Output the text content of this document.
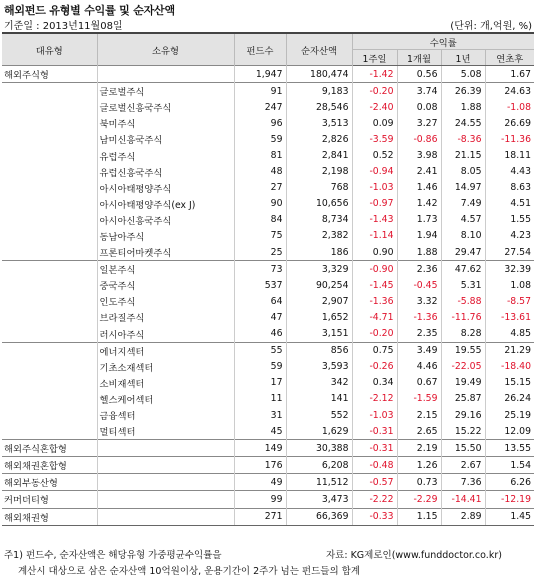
해외펀드 유형별 수익률 및 순자산액
기준일 : 2013년11월08일	(단위: 개,억원, %)
대유형	소유형	펀드수	순자산액	수익률			
				1주일	1개월	1년	연초후
해외주식형		1,947	180,474	-1.42	0.56	5.08	1.67
	글로벌주식	91	9,183	-0.20	3.74	26.39	24.63
	글로벌신흥국주식	247	28,546	-2.40	0.08	1.88	-1.08
	북미주식	96	3,513	0.09	3.27	24.55	26.69
	남미신흥국주식	59	2,826	-3.59	-0.86	-8.36	-11.36
	유럽주식	81	2,841	0.52	3.98	21.15	18.11
	유럽신흥국주식	48	2,198	-0.94	2.41	8.05	4.43
	아시아태평양주식	27	768	-1.03	1.46	14.97	8.63
	아시아태평양주식(ex J)	90	10,656	-0.97	1.42	7.49	4.51
	아시아신흥국주식	84	8,734	-1.43	1.73	4.57	1.55
	동남아주식	75	2,382	-1.14	1.94	8.10	4.23
	프론티어마켓주식	25	186	0.90	1.88	29.47	27.54
	일본주식	73	3,329	-0.90	2.36	47.62	32.39
	중국주식	537	90,254	-1.45	-0.45	5.31	1.08
	인도주식	64	2,907	-1.36	3.32	-5.88	-8.57
	브라질주식	47	1,652	-4.71	-1.36	-11.76	-13.61
	러시아주식	46	3,151	-0.20	2.35	8.28	4.85
	에너지섹터	55	856	0.75	3.49	19.55	21.29
	기초소재섹터	59	3,593	-0.26	4.46	-22.05	-18.40
	소비재섹터	17	342	0.34	0.67	19.49	15.15
	헬스케어섹터	11	141	-2.12	-1.59	25.87	26.24
	금융섹터	31	552	-1.03	2.15	29.16	25.19
	멀티섹터	45	1,629	-0.31	2.65	15.22	12.09
해외주식혼합형		149	30,388	-0.31	2.19	15.50	13.55
해외채권혼합형		176	6,208	-0.48	1.26	2.67	1.54
해외부동산형		49	11,512	-0.57	0.73	7.36	6.26
커머더티형		99	3,473	-2.22	-2.29	-14.41	-12.19
해외채권형		271	66,369	-0.33	1.15	2.89	1.45
주1) 펀드수, 순자산액은 해당유형 가중평균수익률을	자료: KG제로인(www.funddoctor.co.kr)
계산시 대상으로 삼은 순자산액 10억원이상, 운용기간이 2주가 넘는 펀드들의 합계
